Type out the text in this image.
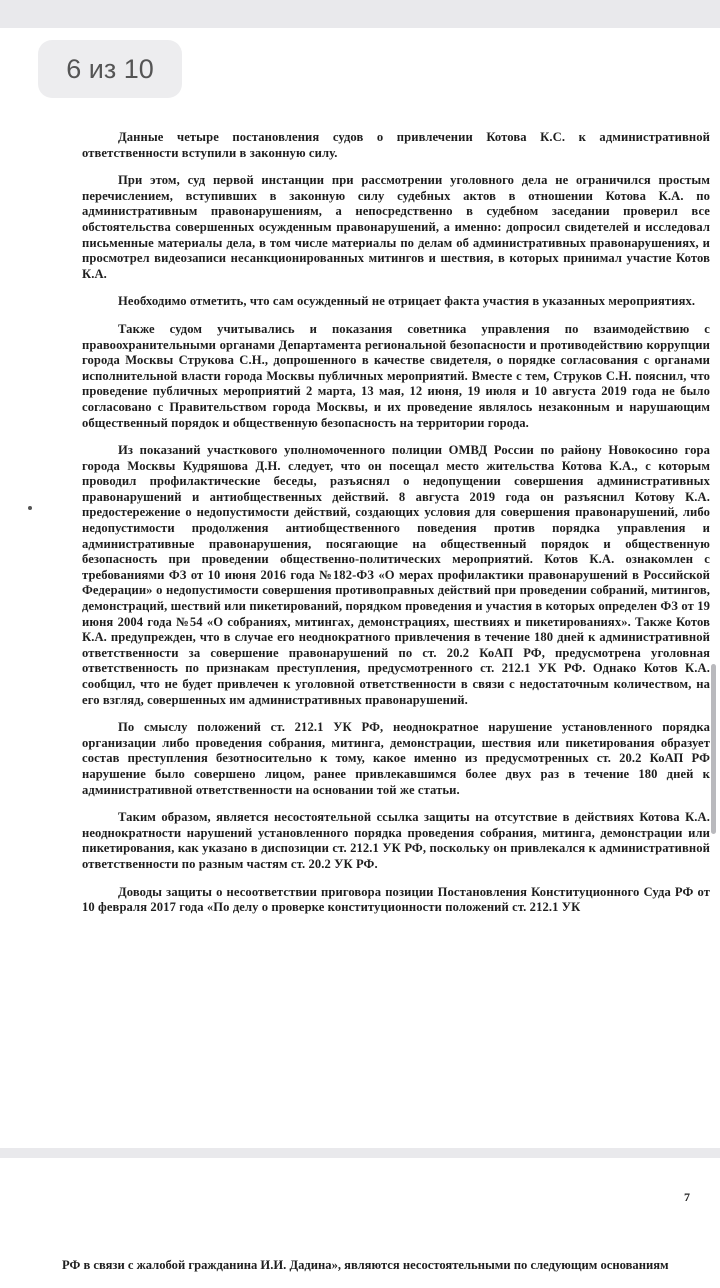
Данные четыре постановления судов о привлечении Котова К.С. к административной ответственности вступили в законную силу.

При этом, суд первой инстанции при рассмотрении уголовного дела не ограничился простым перечислением, вступивших в законную силу судебных актов в отношении Котова К.А. по административным правонарушениям, а непосредственно в судебном заседании проверил все обстоятельства совершенных осужденным правонарушений, а именно: допросил свидетелей и исследовал письменные материалы дела, в том числе материалы по делам об административных правонарушениях, и просмотрел видеозаписи несанкционированных митингов и шествия, в которых принимал участие Котов К.А.

Необходимо отметить, что сам осужденный не отрицает факта участия в указанных мероприятиях.

Также судом учитывались и показания советника управления по взаимодействию с правоохранительными органами Департамента региональной безопасности и противодействию коррупции города Москвы Струкова С.Н., допрошенного в качестве свидетеля, о порядке согласования с органами исполнительной власти города Москвы публичных мероприятий. Вместе с тем, Струков С.Н. пояснил, что проведение публичных мероприятий 2 марта, 13 мая, 12 июня, 19 июля и 10 августа 2019 года не было согласовано с Правительством города Москвы, и их проведение являлось незаконным и нарушающим общественный порядок и общественную безопасность на территории города.

Из показаний участкового уполномоченного полиции ОМВД России по району Новокосино гора города Москвы Кудряшова Д.Н. следует, что он посещал место жительства Котова К.А., с которым проводил профилактические беседы, разъяснял о недопущении совершения административных правонарушений и антиобщественных действий. 8 августа 2019 года он разъяснил Котову К.А. предостережение о недопустимости действий, создающих условия для совершения правонарушений, либо недопустимости продолжения антиобщественного поведения против порядка управления и административные правонарушения, посягающие на общественный порядок и общественную безопасность при проведении общественно-политических мероприятий. Котов К.А. ознакомлен с требованиями ФЗ от 10 июня 2016 года №182-ФЗ «О мерах профилактики правонарушений в Российской Федерации» о недопустимости совершения противоправных действий при проведении собраний, митингов, демонстраций, шествий или пикетирований, порядком проведения и участия в которых определен ФЗ от 19 июня 2004 года №54 «О собраниях, митингах, демонстрациях, шествиях и пикетированиях». Также Котов К.А. предупрежден, что в случае его неоднократного привлечения в течение 180 дней к административной ответственности за совершение правонарушений по ст. 20.2 КоАП РФ, предусмотрена уголовная ответственность по признакам преступления, предусмотренного ст. 212.1 УК РФ. Однако Котов К.А. сообщил, что не будет привлечен к уголовной ответственности в связи с недостаточным количеством, на его взгляд, совершенных им административных правонарушений.

По смыслу положений ст. 212.1 УК РФ, неоднократное нарушение установленного порядка организации либо проведения собрания, митинга, демонстрации, шествия или пикетирования образует состав преступления безотносительно к тому, какое именно из предусмотренных ст. 20.2 КоАП РФ нарушение было совершено лицом, ранее привлекавшимся более двух раз в течение 180 дней к административной ответственности на основании той же статьи.

Таким образом, является несостоятельной ссылка защиты на отсутствие в действиях Котова К.А. неоднократности нарушений установленного порядка проведения собрания, митинга, демонстрации или пикетирования, как указано в диспозиции ст. 212.1 УК РФ, поскольку он привлекался к административной ответственности по разным частям ст. 20.2 УК РФ.

Доводы защиты о несоответствии приговора позиции Постановления Конституционного Суда РФ от 10 февраля 2017 года «По делу о проверке конституционности положений ст. 212.1 УК

6 из 10
7
РФ в связи с жалобой гражданина И.И. Дадина», являются несостоятельными по следующим основаниям
